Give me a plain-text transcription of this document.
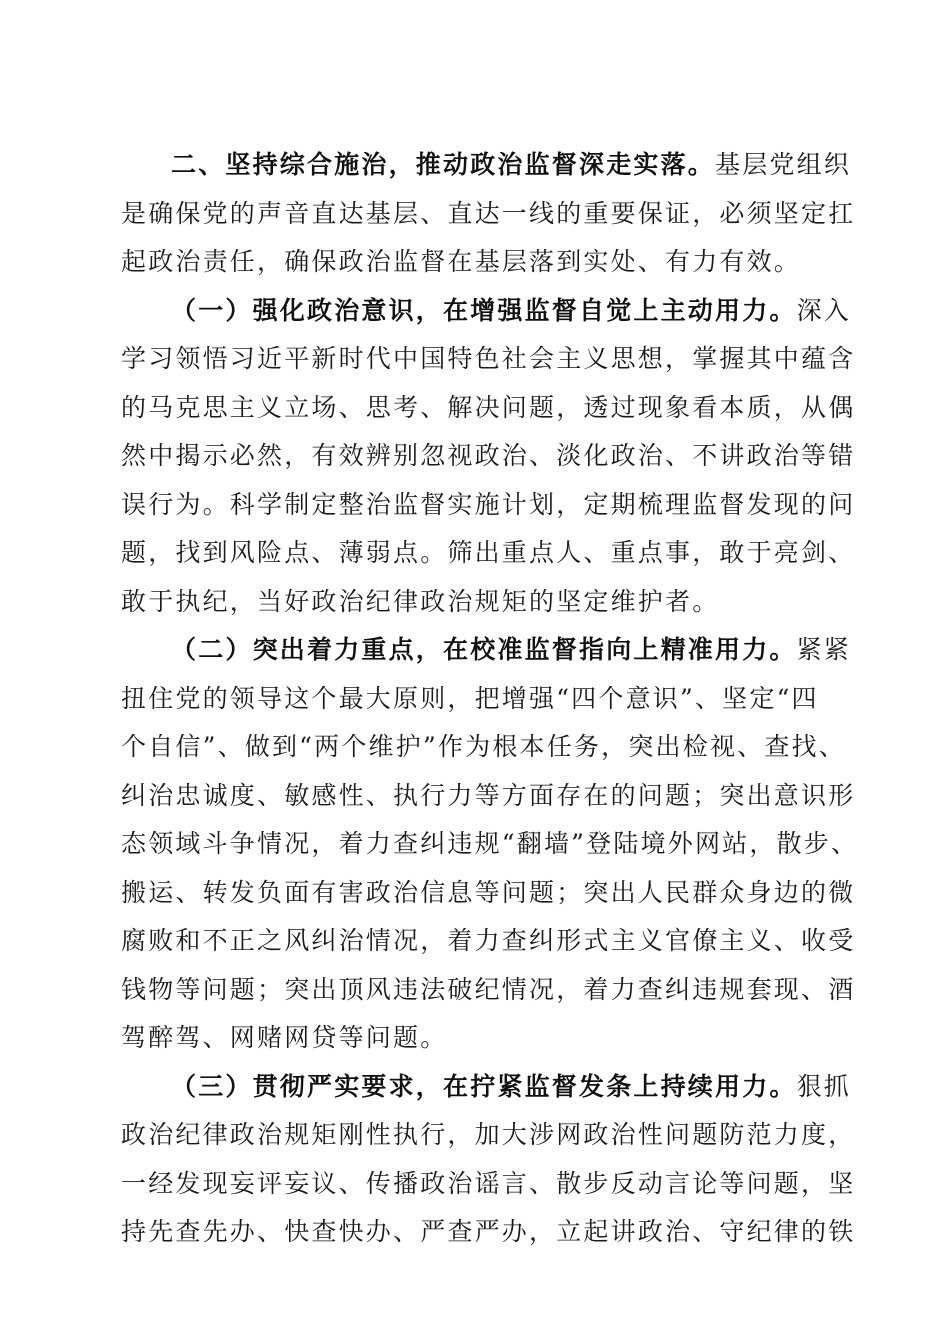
二、坚持综合施治，推动政治监督深走实落。基层党组织
是确保党的声音直达基层、直达一线的重要保证，必须坚定扛
起政治责任，确保政治监督在基层落到实处、有力有效。
（一）强化政治意识，在增强监督自觉上主动用力。深入
学习领悟习近平新时代中国特色社会主义思想，掌握其中蕴含
的马克思主义立场、思考、解决问题，透过现象看本质，从偶
然中揭示必然，有效辨别忽视政治、淡化政治、不讲政治等错
误行为。科学制定整治监督实施计划，定期梳理监督发现的问
题，找到风险点、薄弱点。筛出重点人、重点事，敢于亮剑、
敢于执纪，当好政治纪律政治规矩的坚定维护者。
（二）突出着力重点，在校准监督指向上精准用力。紧紧
扭住党的领导这个最大原则，把增强“四个意识”、坚定“四
个自信”、做到“两个维护”作为根本任务，突出检视、查找、
纠治忠诚度、敏感性、执行力等方面存在的问题；突出意识形
态领域斗争情况，着力查纠违规“翻墙”登陆境外网站，散步、
搬运、转发负面有害政治信息等问题；突出人民群众身边的微
腐败和不正之风纠治情况，着力查纠形式主义官僚主义、收受
钱物等问题；突出顶风违法破纪情况，着力查纠违规套现、酒
驾醉驾、网赌网贷等问题。
（三）贯彻严实要求，在拧紧监督发条上持续用力。狠抓
政治纪律政治规矩刚性执行，加大涉网政治性问题防范力度，
一经发现妄评妄议、传播政治谣言、散步反动言论等问题，坚
持先查先办、快查快办、严查严办，立起讲政治、守纪律的铁
